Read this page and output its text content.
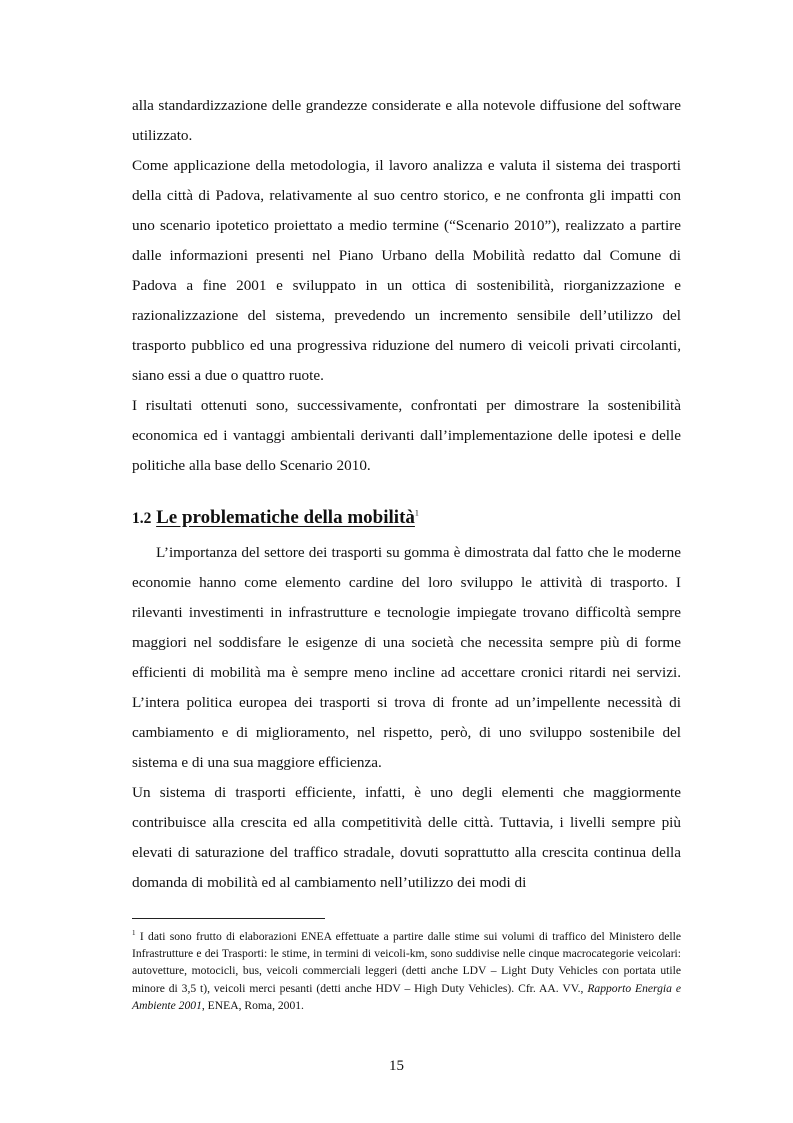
alla standardizzazione delle grandezze considerate e alla notevole diffusione del software utilizzato.

Come applicazione della metodologia, il lavoro analizza e valuta il sistema dei trasporti della città di Padova, relativamente al suo centro storico, e ne confronta gli impatti con uno scenario ipotetico proiettato a medio termine (“Scenario 2010”), realizzato a partire dalle informazioni presenti nel Piano Urbano della Mobilità redatto dal Comune di Padova a fine 2001 e sviluppato in un ottica di sostenibilità, riorganizzazione e razionalizzazione del sistema, prevedendo un incremento sensibile dell’utilizzo del trasporto pubblico ed una progressiva riduzione del numero di veicoli privati circolanti, siano essi a due o quattro ruote.

I risultati ottenuti sono, successivamente, confrontati per dimostrare la sostenibilità economica ed i vantaggi ambientali derivanti dall’implementazione delle ipotesi e delle politiche alla base dello Scenario 2010.

1.2 Le problematiche della mobilità$^1$

L’importanza del settore dei trasporti su gomma è dimostrata dal fatto che le moderne economie hanno come elemento cardine del loro sviluppo le attività di trasporto. I rilevanti investimenti in infrastrutture e tecnologie impiegate trovano difficoltà sempre maggiori nel soddisfare le esigenze di una società che necessita sempre più di forme efficienti di mobilità ma è sempre meno incline ad accettare cronici ritardi nei servizi. L’intera politica europea dei trasporti si trova di fronte ad un’impellente necessità di cambiamento e di miglioramento, nel rispetto, però, di uno sviluppo sostenibile del sistema e di una sua maggiore efficienza.

Un sistema di trasporti efficiente, infatti, è uno degli elementi che maggiormente contribuisce alla crescita ed alla competitività delle città. Tuttavia, i livelli sempre più elevati di saturazione del traffico stradale, dovuti soprattutto alla crescita continua della domanda di mobilità ed al cambiamento nell’utilizzo dei modi di

$^1$ I dati sono frutto di elaborazioni ENEA effettuate a partire dalle stime sui volumi di traffico del Ministero delle Infrastrutture e dei Trasporti: le stime, in termini di veicoli-km, sono suddivise nelle cinque macrocategorie veicolari: autovetture, motocicli, bus, veicoli commerciali leggeri (detti anche LDV – Light Duty Vehicles con portata utile minore di 3,5 t), veicoli merci pesanti (detti anche HDV – High Duty Vehicles). Cfr. AA. VV., Rapporto Energia e Ambiente 2001, ENEA, Roma, 2001.
15
